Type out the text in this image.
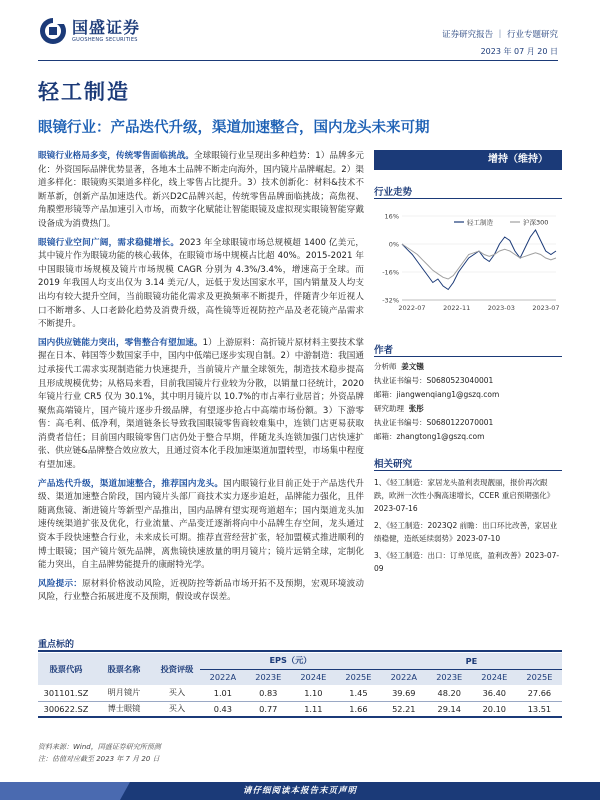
国盛证券
GUOSHENG SECURITIES	证券研究报告 ｜ 行业专题研究
2023 年 07 月 20 日
轻工制造
眼镜行业：产品迭代升级，渠道加速整合，国内龙头未来可期

眼镜行业格局多变，传统零售面临挑战。全球眼镜行业呈现出多种趋势：1）品牌多元化：外资国际品牌优势显著，各地本土品牌不断走向海外，国内镜片品牌崛起。2）渠道多样化：眼镜购买渠道多样化，线上零售占比提升。3）技术创新化：材料&技术不断革新，创新产品加速迭代。新兴D2C品牌兴起，传统零售品牌面临挑战；高焦视、角膜塑形镜等产品加速引入市场，而数字化赋能让智能眼镜及虚拟现实眼镜智能穿戴设备成为消费热门。

眼镜行业空间广阔，需求稳健增长。2023 年全球眼镜市场总规模超 1400 亿美元，其中镜片作为眼镜功能的核心载体，在眼镜市场中规模占比超 40%。2015-2021 年中国眼镜市场规模及镜片市场规模 CAGR 分别为 4.3%/3.4%，增速高于全球。而 2019 年我国人均支出仅为 3.14 美元/人，远低于发达国家水平，国内销量及人均支出均有较大提升空间，当前眼镜功能化需求及更换频率不断提升，伴随青少年近视人口不断增多、人口老龄化趋势及消费升级，高性镜等近视防控产品及老花镜产品需求不断提升。

国内供应链能力突出，零售整合有望加速。1）上游原料：高折镜片原材料主要技术掌握在日本、韩国等少数国家手中，国内中低端已逐步实现自制。2）中游制造：我国通过承接代工需求实现制造能力快速提升，当前镜片产量全球领先，制造技术稳步提高且形成规模优势；从格局来看，目前我国镜片行业较为分散，以销量口径统计，2020 年镜片行业 CR5 仅为 30.1%，其中明月镜片以 10.7%的市占率行业居首；外资品牌聚焦高端镜片，国产镜片逐步升级品牌，有望逐步抢占中高端市场份额。3）下游零售：高毛利、低净利，渠道链条长导致我国眼镜零售商较难集中，连锁门店更易获取消费者信任；目前国内眼镜零售门店仍处于整合早期，伴随龙头连锁加强门店快速扩张、供应链&品牌整合效应放大，且通过资本化手段加速渠道加盟转型，市场集中程度有望加速。

产品迭代升级，渠道加速整合，推荐国内龙头。国内眼镜行业目前正处于产品迭代升级、渠道加速整合阶段，国内镜片头部厂商技术实力逐步追赶，品牌能力强化，且伴随离焦镜、渐进镜片等新型产品推出，国内品牌有望实现弯道超车；国内渠道龙头加速传统渠道扩张及优化，行业流量、产品变迁逐渐将向中小品牌生存空间，龙头通过资本手段快速整合行业，未来成长可期。推荐直营经营扩张，轻加盟模式推进顺利的博士眼镜；国产镜片领先品牌，离焦镜快速放量的明月镜片；镜片远销全球，定制化能力突出，自主品牌势能提升的康耐特光学。

风险提示：原材料价格波动风险，近视防控等新品市场开拓不及预期，宏观环境波动风险，行业整合拓展进度不及预期，假设或存误差。

增持（维持）
行业走势
16%
0%
-16%
-32%
2022-07	2022-11	2023-03	2023-07
轻工制造	沪深300
作者
分析师 姜文镪
执业证书编号：S0680523040001
邮箱：jiangwenqiang1@gszq.com
研究助理 张彤
执业证书编号：S0680122070001
邮箱：zhangtong1@gszq.com
相关研究
1、《轻工制造：家居龙头盈利表现靓丽，报价再次跟跌，欧洲一次性小胸高速增长，CCER 重启预期强化》2023-07-16
2、《轻工制造：2023Q2 前瞻：出口环比改善，家居业绩稳健，造纸延续弱势》2023-07-10
3、《轻工制造：出口：订单见底，盈利改善》2023-07-09
重点标的
股票代码	股票名称	投资评级	EPS（元）				PE			
			2022A	2023E	2024E	2025E	2022A	2023E	2024E	2025E
301101.SZ	明月镜片	买入	1.01	0.83	1.10	1.45	39.69	48.20	36.40	27.66
300622.SZ	博士眼镜	买入	0.43	0.77	1.11	1.66	52.21	29.14	20.10	13.51
资料来源：Wind，国盛证券研究所预测
注：估值对应截至 2023 年 7 月 20 日
请仔细阅读本报告末页声明
